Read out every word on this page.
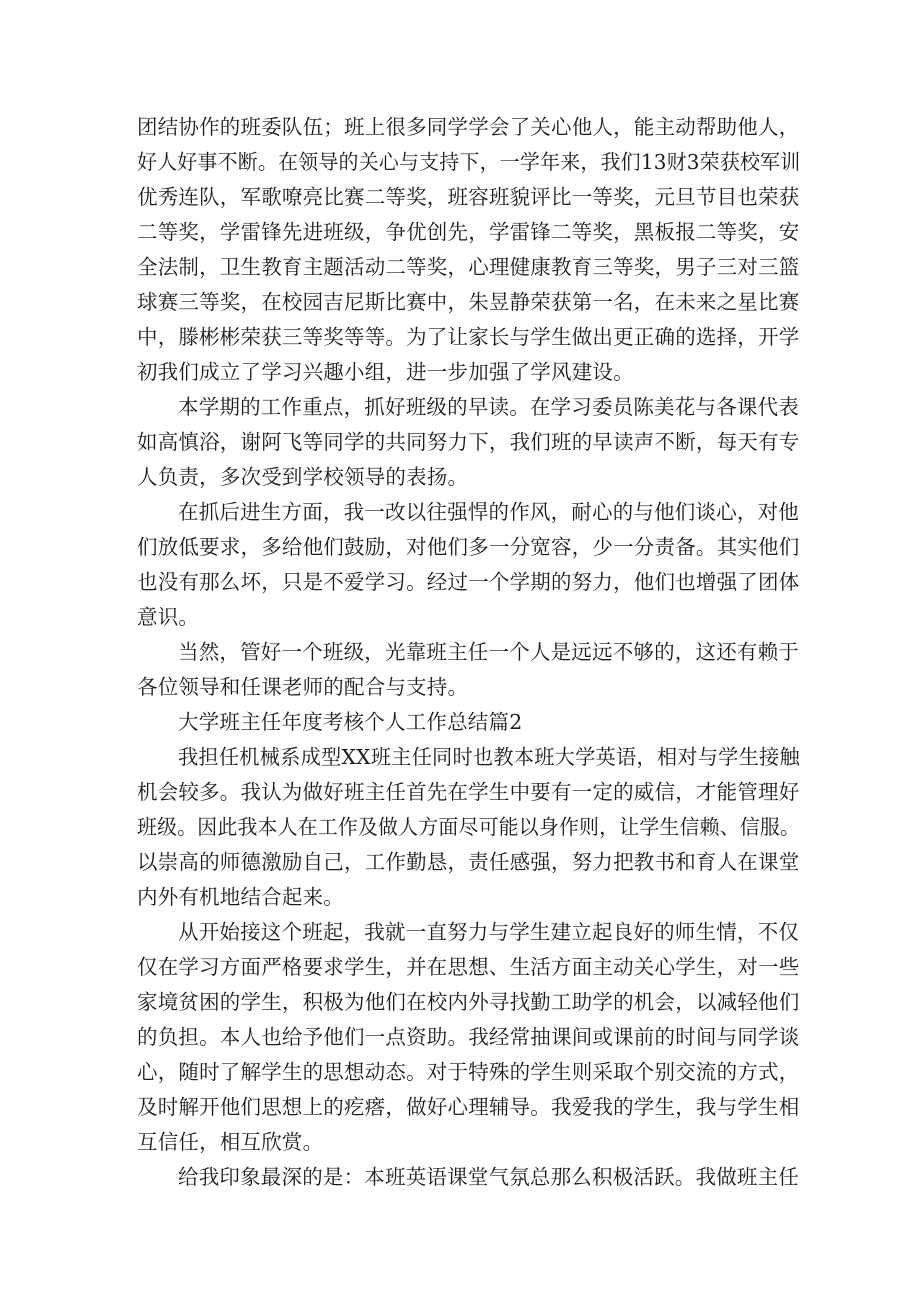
团结协作的班委队伍；班上很多同学学会了关心他人，能主动帮助他人，
好人好事不断。在领导的关心与支持下，一学年来，我们13财3荣获校军训
优秀连队，军歌嘹亮比赛二等奖，班容班貌评比一等奖，元旦节目也荣获
二等奖，学雷锋先进班级，争优创先，学雷锋二等奖，黑板报二等奖，安
全法制，卫生教育主题活动二等奖，心理健康教育三等奖，男子三对三篮
球赛三等奖，在校园吉尼斯比赛中，朱昱静荣获第一名，在未来之星比赛
中，滕彬彬荣获三等奖等等。为了让家长与学生做出更正确的选择，开学
初我们成立了学习兴趣小组，进一步加强了学风建设。
本学期的工作重点，抓好班级的早读。在学习委员陈美花与各课代表
如高慎浴，谢阿飞等同学的共同努力下，我们班的早读声不断，每天有专
人负责，多次受到学校领导的表扬。
在抓后进生方面，我一改以往强悍的作风，耐心的与他们谈心，对他
们放低要求，多给他们鼓励，对他们多一分宽容，少一分责备。其实他们
也没有那么坏，只是不爱学习。经过一个学期的努力，他们也增强了团体
意识。
当然，管好一个班级，光靠班主任一个人是远远不够的，这还有赖于
各位领导和任课老师的配合与支持。
大学班主任年度考核个人工作总结篇2
我担任机械系成型XX班主任同时也教本班大学英语，相对与学生接触
机会较多。我认为做好班主任首先在学生中要有一定的威信，才能管理好
班级。因此我本人在工作及做人方面尽可能以身作则，让学生信赖、信服。
以崇高的师德激励自己，工作勤恳，责任感强，努力把教书和育人在课堂
内外有机地结合起来。
从开始接这个班起，我就一直努力与学生建立起良好的师生情，不仅
仅在学习方面严格要求学生，并在思想、生活方面主动关心学生，对一些
家境贫困的学生，积极为他们在校内外寻找勤工助学的机会，以减轻他们
的负担。本人也给予他们一点资助。我经常抽课间或课前的时间与同学谈
心，随时了解学生的思想动态。对于特殊的学生则采取个别交流的方式，
及时解开他们思想上的疙瘩，做好心理辅导。我爱我的学生，我与学生相
互信任，相互欣赏。
给我印象最深的是：本班英语课堂气氛总那么积极活跃。我做班主任
